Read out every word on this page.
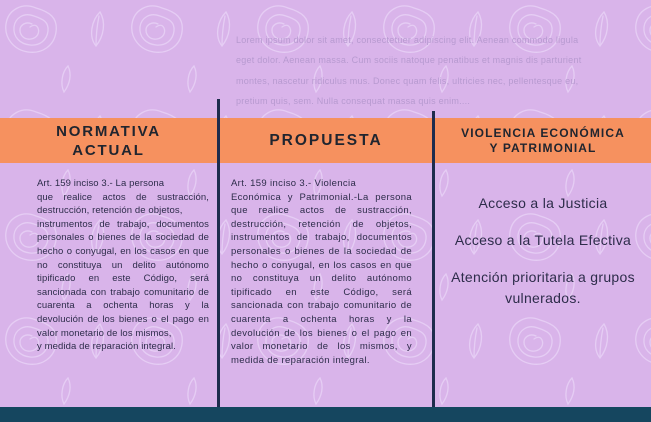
Lorem ipsum dolor sit amet, consectetuer adipiscing elit. Aenean commodo ligula
eget dolor. Aenean massa. Cum sociis natoque penatibus et magnis dis parturient
montes, nascetur ridiculus mus. Donec quam felis, ultricies nec, pellentesque eu,
pretium quis, sem. Nulla consequat massa quis enim....
NORMATIVA
ACTUAL
PROPUESTA	VIOLENCIA ECONÓMICA
Y PATRIMONIAL
Art. 159 inciso 3.- La persona
que realice actos de sustracción, destrucción, retención de objetos,
instrumentos de trabajo, documentos personales o bienes de la sociedad de hecho o conyugal, en los casos en que no constituya un delito autónomo tipificado en este Código, será sancionada con trabajo comunitario de cuarenta a ochenta horas y la devolución de los bienes o el pago en valor monetario de los mismos,
y medida de reparación integral.
Art. 159 inciso 3.- Violencia
Económica y Patrimonial.-La persona que realice actos de sustracción, destrucción, retención de objetos, instrumentos de trabajo, documentos personales o bienes de la sociedad de hecho o conyugal, en los casos en que no constituya un delito autónomo tipificado en este Código, será sancionada con trabajo comunitario de cuarenta a ochenta horas y la devolución de los bienes o el pago en valor monetario de los mismos, y medida de reparación integral.
Acceso a la Justicia
Acceso a la Tutela Efectiva
Atención prioritaria a grupos vulnerados.
